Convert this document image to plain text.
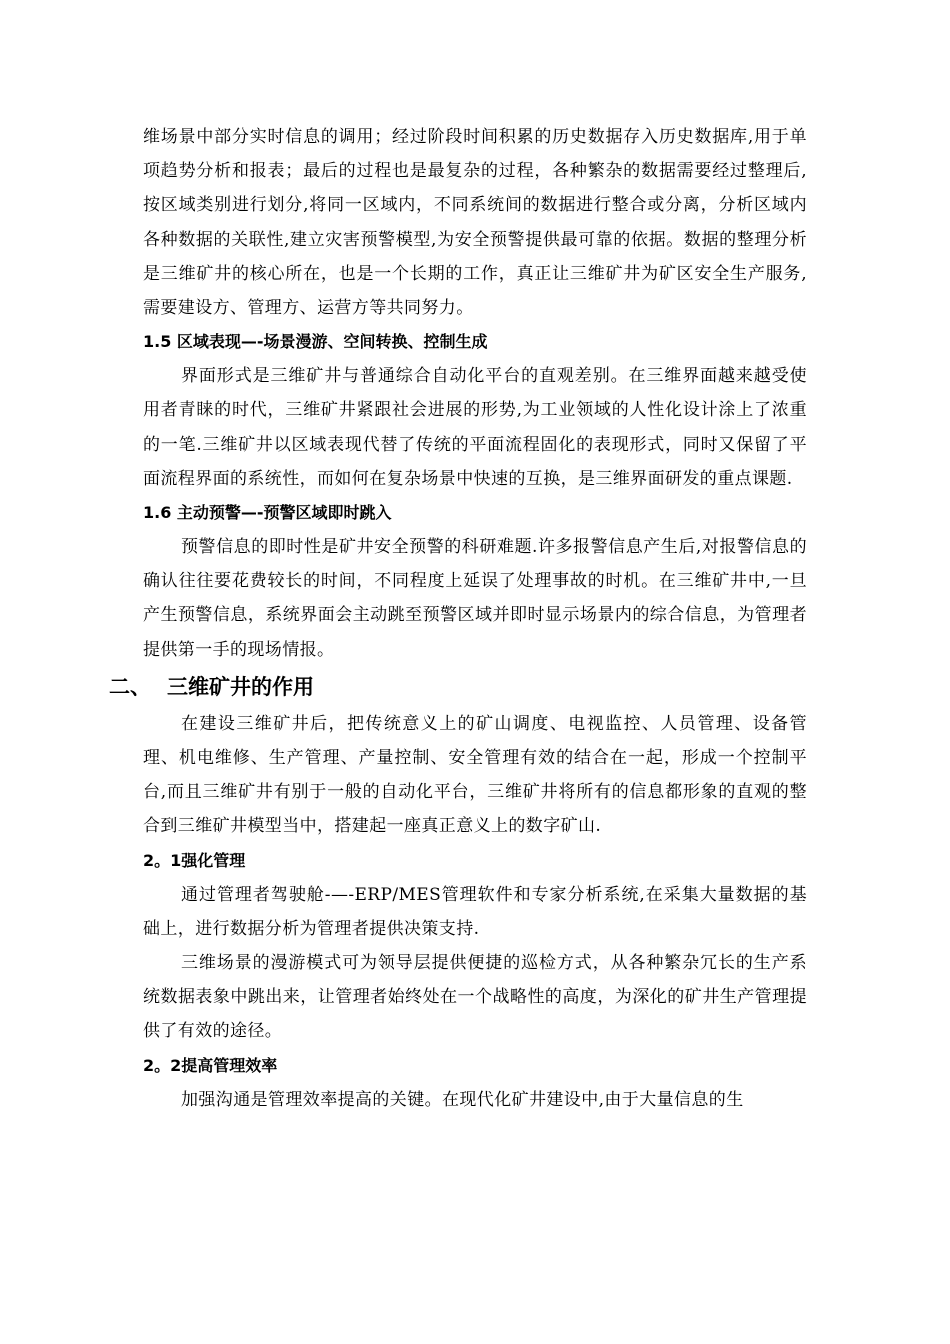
维场景中部分实时信息的调用；经过阶段时间积累的历史数据存入历史数据库,用于单项趋势分析和报表；最后的过程也是最复杂的过程，各种繁杂的数据需要经过整理后,按区域类别进行划分,将同一区域内，不同系统间的数据进行整合或分离，分析区域内各种数据的关联性,建立灾害预警模型,为安全预警提供最可靠的依据。数据的整理分析是三维矿井的核心所在，也是一个长期的工作，真正让三维矿井为矿区安全生产服务,需要建设方、管理方、运营方等共同努力。

1.5 区域表现—-场景漫游、空间转换、控制生成

界面形式是三维矿井与普通综合自动化平台的直观差别。在三维界面越来越受使用者青睐的时代，三维矿井紧跟社会进展的形势,为工业领域的人性化设计涂上了浓重的一笔.三维矿井以区域表现代替了传统的平面流程固化的表现形式，同时又保留了平面流程界面的系统性，而如何在复杂场景中快速的互换，是三维界面研发的重点课题.

1.6 主动预警—-预警区域即时跳入

预警信息的即时性是矿井安全预警的科研难题.许多报警信息产生后,对报警信息的确认往往要花费较长的时间，不同程度上延误了处理事故的时机。在三维矿井中,一旦产生预警信息，系统界面会主动跳至预警区域并即时显示场景内的综合信息，为管理者提供第一手的现场情报。

二、 三维矿井的作用

在建设三维矿井后，把传统意义上的矿山调度、电视监控、人员管理、设备管理、机电维修、生产管理、产量控制、安全管理有效的结合在一起，形成一个控制平台,而且三维矿井有别于一般的自动化平台，三维矿井将所有的信息都形象的直观的整合到三维矿井模型当中，搭建起一座真正意义上的数字矿山.

2。1强化管理

通过管理者驾驶舱-—-ERP/MES管理软件和专家分析系统,在采集大量数据的基础上，进行数据分析为管理者提供决策支持.

三维场景的漫游模式可为领导层提供便捷的巡检方式，从各种繁杂冗长的生产系统数据表象中跳出来，让管理者始终处在一个战略性的高度，为深化的矿井生产管理提供了有效的途径。

2。2提高管理效率

加强沟通是管理效率提高的关键。在现代化矿井建设中,由于大量信息的生
